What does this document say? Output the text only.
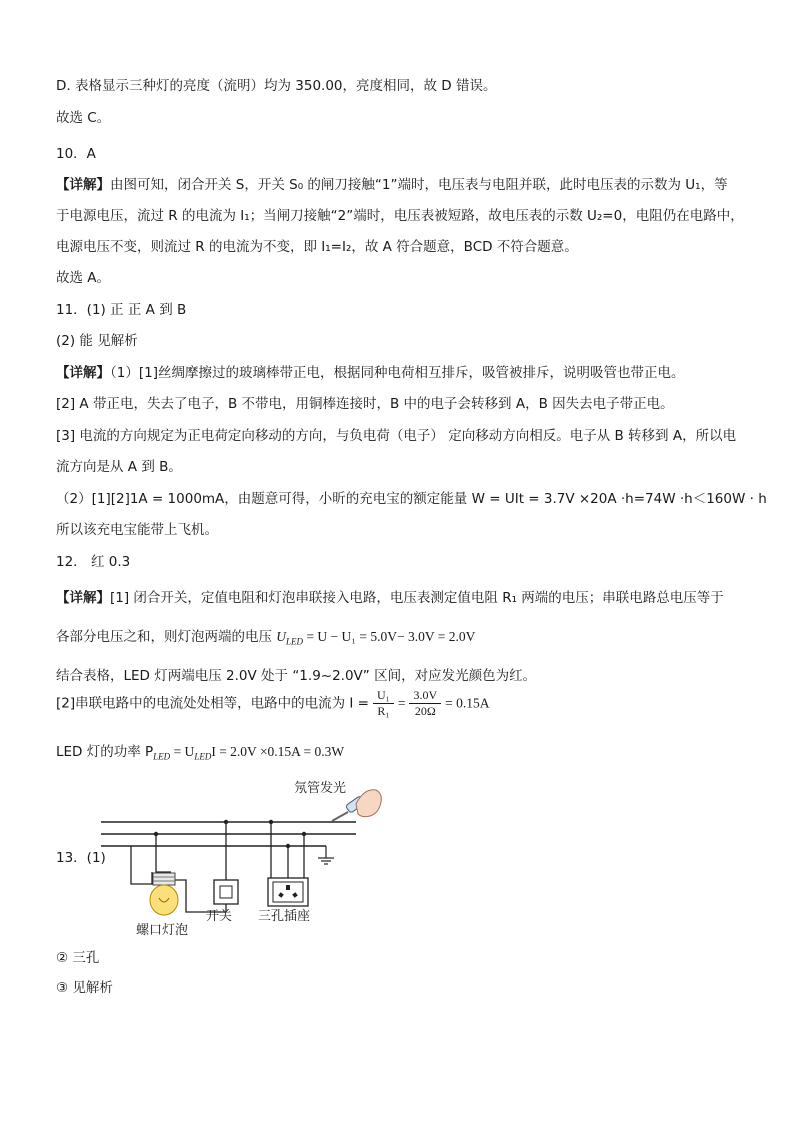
D. 表格显示三种灯的亮度（流明）均为 350.00，亮度相同，故 D 错误。
故选 C。
10．A
【详解】由图可知，闭合开关 S，开关 S₀ 的闸刀接触“1”端时，电压表与电阻并联，此时电压表的示数为 U₁，等
于电源电压，流过 R 的电流为 I₁；当闸刀接触“2”端时，电压表被短路，故电压表的示数 U₂=0，电阻仍在电路中，
电源电压不变，则流过 R 的电流为不变，即 I₁=I₂，故 A 符合题意，BCD 不符合题意。
故选 A。
11．(1) 正 正 A 到 B
(2) 能 见解析
【详解】（1）[1]丝绸摩擦过的玻璃棒带正电，根据同种电荷相互排斥，吸管被排斥，说明吸管也带正电。
[2] A 带正电，失去了电子，B 不带电，用铜棒连接时，B 中的电子会转移到 A，B 因失去电子带正电。
[3] 电流的方向规定为正电荷定向移动的方向，与负电荷（电子） 定向移动方向相反。电子从 B 转移到 A，所以电
流方向是从 A 到 B。
（2）[1][2]1A = 1000mA，由题意可得，小昕的充电宝的额定能量 W = UIt = 3.7V ×20A ·h=74W ·h＜160W · h
所以该充电宝能带上飞机。
12． 红 0.3
【详解】[1] 闭合开关，定值电阻和灯泡串联接入电路，电压表测定值电阻 R₁ 两端的电压；串联电路总电压等于
各部分电压之和，则灯泡两端的电压 $U_{LED} = U - U_1 = 5.0V- 3.0V = 2.0V$
结合表格，LED 灯两端电压 2.0V 处于 “1.9~2.0V” 区间，对应发光颜色为红。
[2]串联电路中的电流处处相等，电路中的电流为 $I = \frac{\text{U₁}}{\text{R₁}} = \frac{3.0V}{20\Omega} = 0.15A$
LED 灯的功率 $P_{LED} = U_{LED}I = 2.0V \times 0.15A = 0.3W$
13．(1)
氖管发光
螺口灯泡
开关 三孔插座
② 三孔
③ 见解析
